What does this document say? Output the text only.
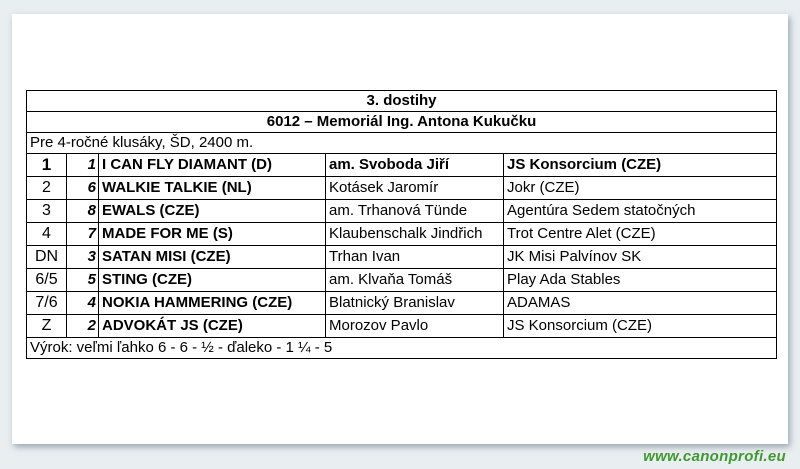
3. dostihy				
6012 – Memoriál Ing. Antona Kukučku				
Pre 4-ročné klusáky, ŠD, 2400 m.				
1	1	I CAN FLY DIAMANT (D)	am. Svoboda Jiří	JS Konsorcium (CZE)
2	6	WALKIE TALKIE (NL)	Kotásek Jaromír	Jokr (CZE)
3	8	EWALS (CZE)	am. Trhanová Tünde	Agentúra Sedem statočných
4	7	MADE FOR ME (S)	Klaubenschalk Jindřich	Trot Centre Alet (CZE)
DN	3	SATAN MISI (CZE)	Trhan Ivan	JK Misi Palvínov SK
6/5	5	STING (CZE)	am. Klvaňa Tomáš	Play Ada Stables
7/6	4	NOKIA HAMMERING (CZE)	Blatnický Branislav	ADAMAS
Z	2	ADVOKÁT JS (CZE)	Morozov Pavlo	JS Konsorcium (CZE)
Výrok: veľmi ľahko 6 - 6 - ½ - ďaleko - 1 ¼ - 5				
www.canonprofi.eu
